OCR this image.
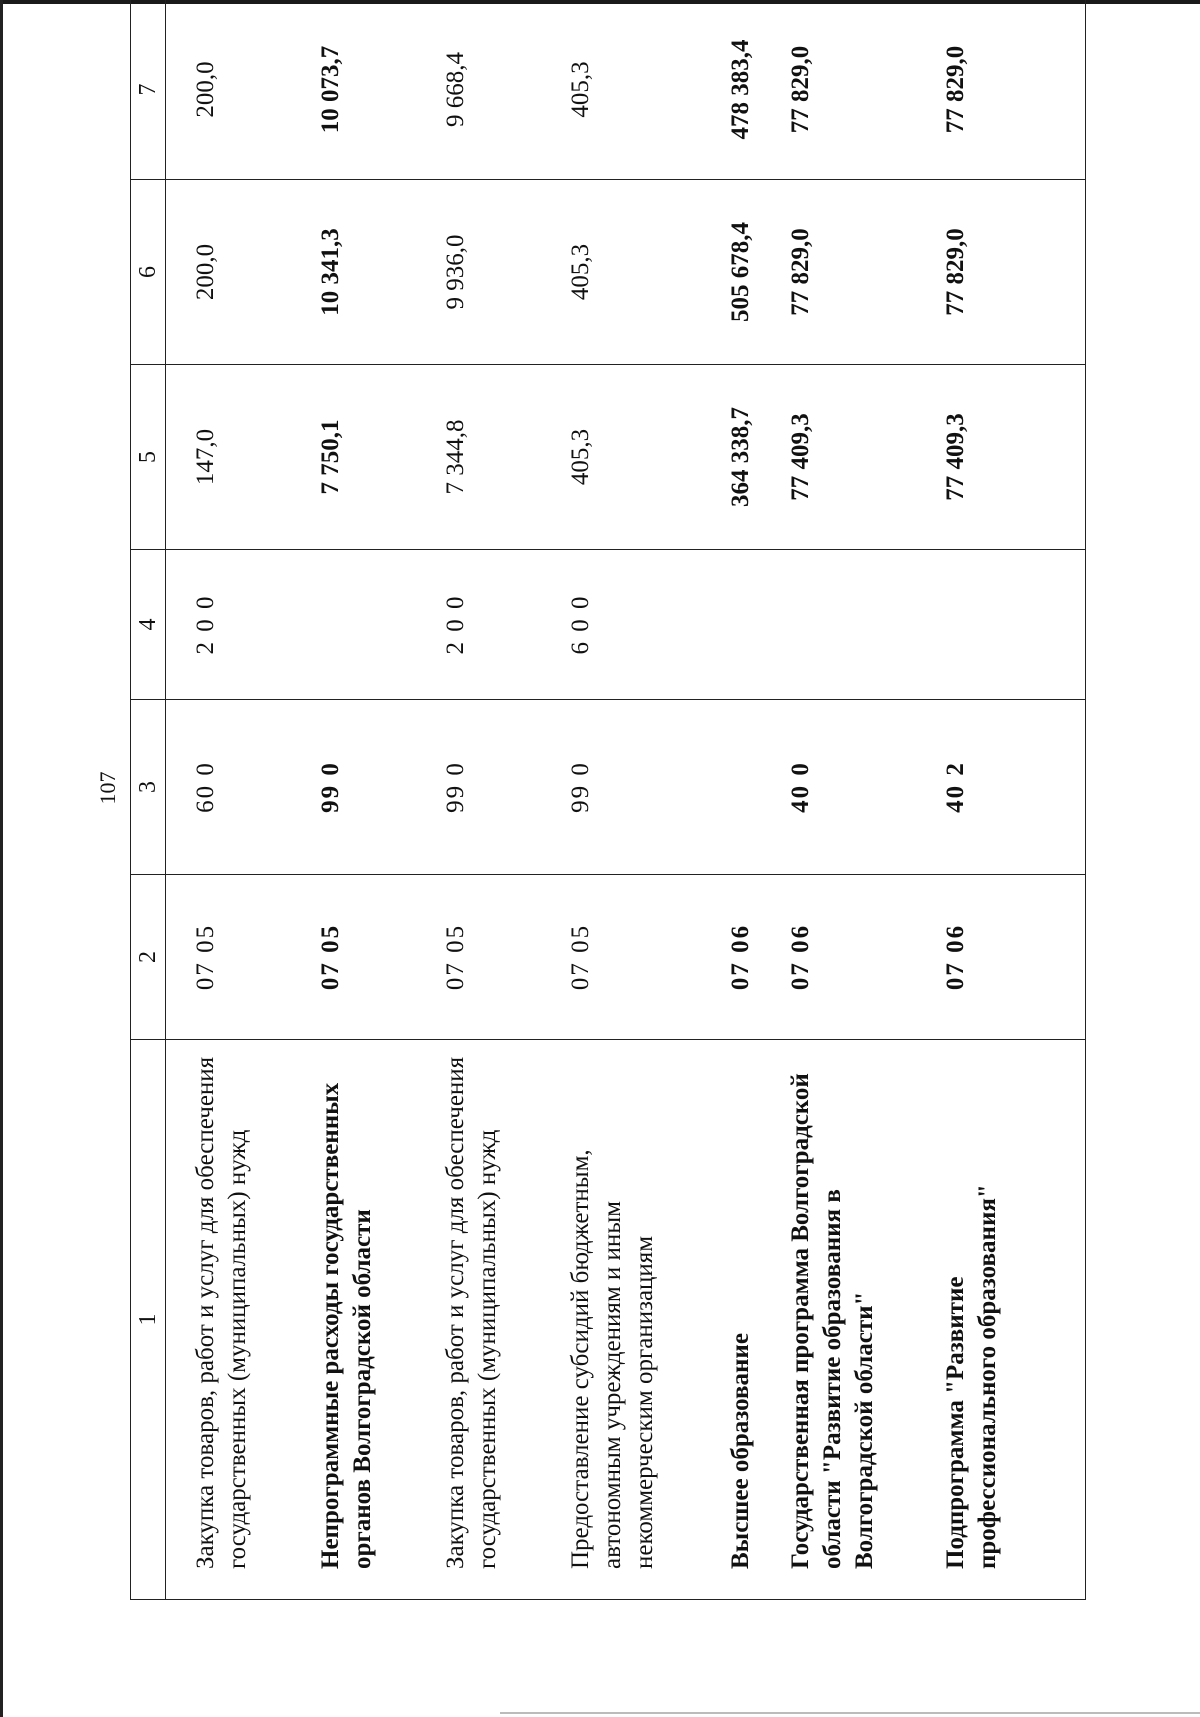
107
1	2	3	4	5	6	7
Закупка товаров, работ и услуг для обеспечения государственных (муниципальных) нужд	07 05	60 0	2 0 0	147,0	200,0	200,0
Непрограммные расходы государственных органов Волгоградской области	07 05	99 0		7 750,1	10 341,3	10 073,7
Закупка товаров, работ и услуг для обеспечения государственных (муниципальных) нужд	07 05	99 0	2 0 0	7 344,8	9 936,0	9 668,4
Предоставление субсидий бюджетным, автономным учреждениям и иным некоммерческим организациям	07 05	99 0	6 0 0	405,3	405,3	405,3
Высшее образование	07 06			364 338,7	505 678,4	478 383,4
Государственная программа Волгоградской области "Развитие образования в Волгоградской области"	07 06	40 0		77 409,3	77 829,0	77 829,0
Подпрограмма "Развитие профессионального образования"	07 06	40 2		77 409,3	77 829,0	77 829,0
